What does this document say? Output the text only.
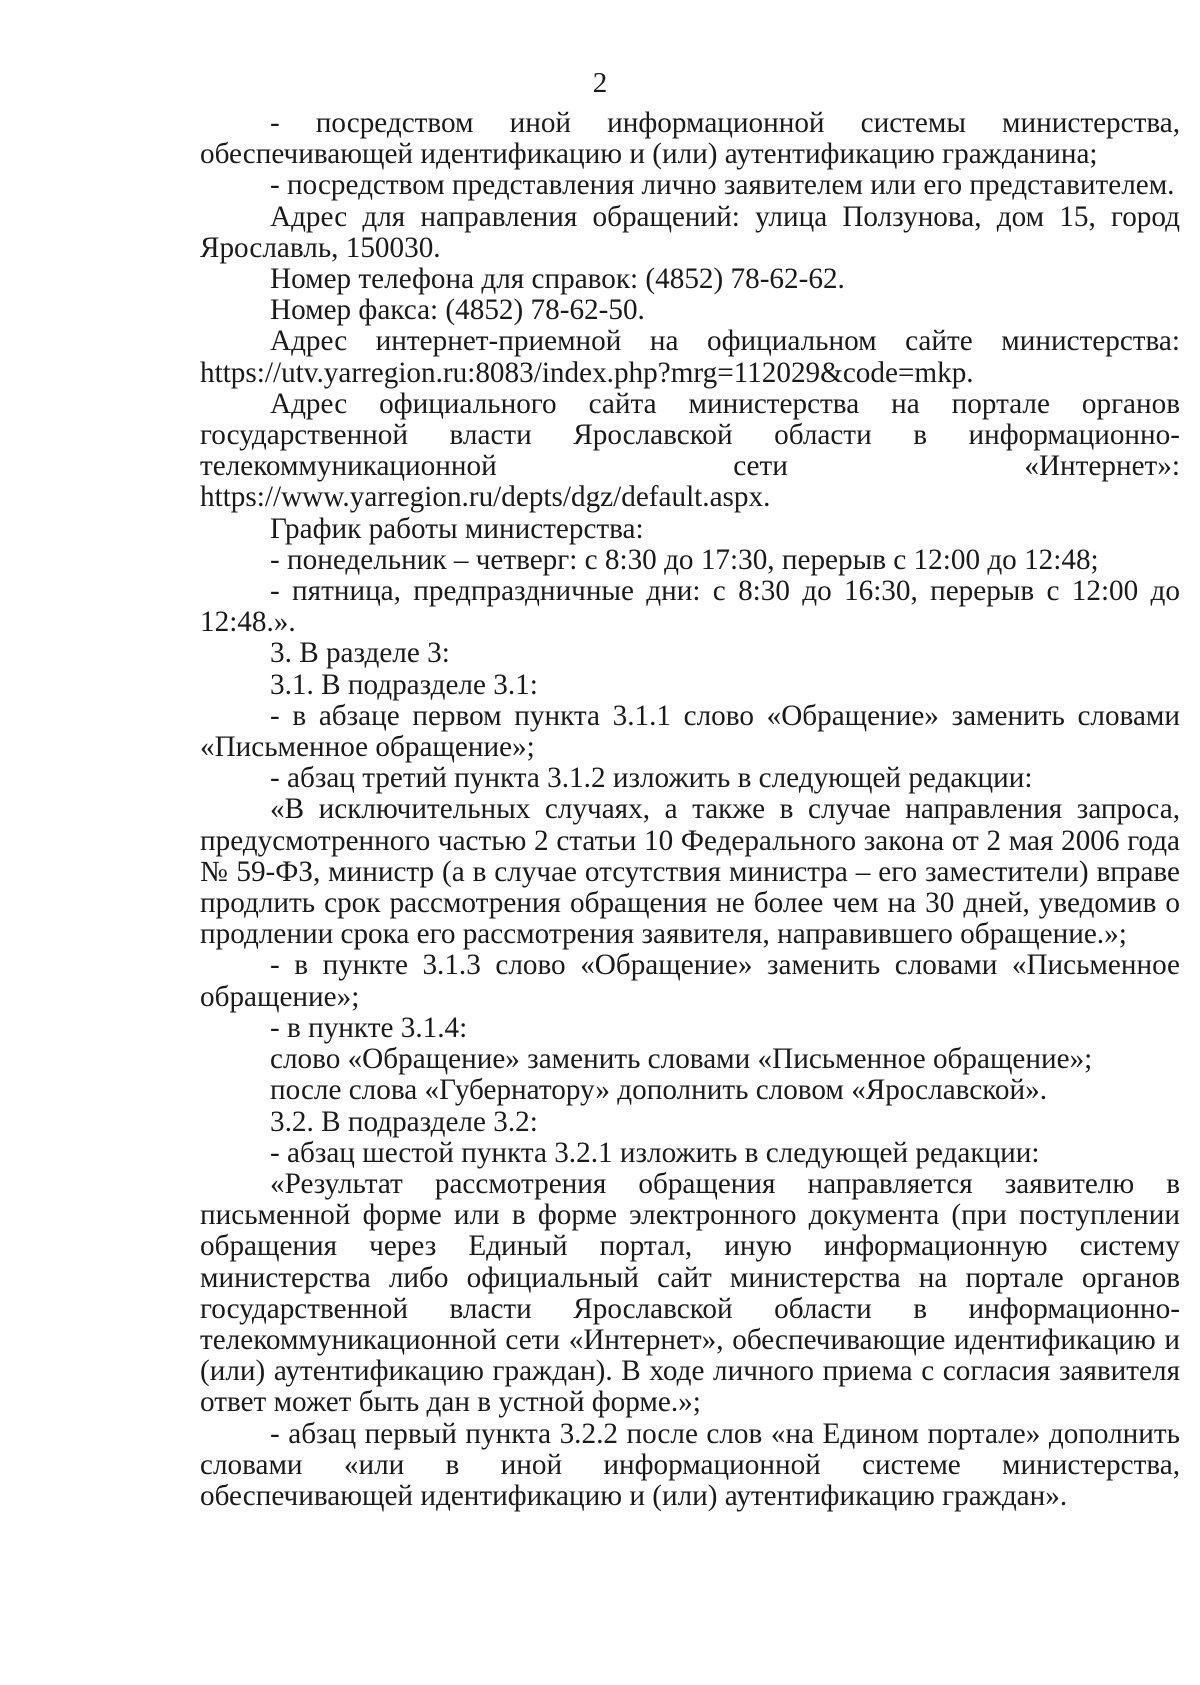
2

- посредством иной информационной системы министерства, обеспечивающей идентификацию и (или) аутентификацию гражданина;

- посредством представления лично заявителем или его представителем.

Адрес для направления обращений: улица Ползунова, дом 15, город Ярославль, 150030.

Номер телефона для справок: (4852) 78-62-62.

Номер факса: (4852) 78-62-50.

Адрес интернет-приемной на официальном сайте министерства: https://utv.yarregion.ru:8083/index.php?mrg=112029&code=mkp.

Адрес официального сайта министерства на портале органов государственной власти Ярославской области в информационно-телекоммуникационной сети «Интернет»: https://www.yarregion.ru/depts/dgz/default.aspx.

График работы министерства:

- понедельник – четверг: с 8:30 до 17:30, перерыв с 12:00 до 12:48;

- пятница, предпраздничные дни: с 8:30 до 16:30, перерыв с 12:00 до 12:48.».

3. В разделе 3:

3.1. В подразделе 3.1:

- в абзаце первом пункта 3.1.1 слово «Обращение» заменить словами «Письменное обращение»;

- абзац третий пункта 3.1.2 изложить в следующей редакции:

«В исключительных случаях, а также в случае направления запроса, предусмотренного частью 2 статьи 10 Федерального закона от 2 мая 2006 года № 59-ФЗ, министр (а в случае отсутствия министра – его заместители) вправе продлить срок рассмотрения обращения не более чем на 30 дней, уведомив о продлении срока его рассмотрения заявителя, направившего обращение.»;

- в пункте 3.1.3 слово «Обращение» заменить словами «Письменное обращение»;

- в пункте 3.1.4:

слово «Обращение» заменить словами «Письменное обращение»;

после слова «Губернатору» дополнить словом «Ярославской».

3.2. В подразделе 3.2:

- абзац шестой пункта 3.2.1 изложить в следующей редакции:

«Результат рассмотрения обращения направляется заявителю в письменной форме или в форме электронного документа (при поступлении обращения через Единый портал, иную информационную систему министерства либо официальный сайт министерства на портале органов государственной власти Ярославской области в информационно-телекоммуникационной сети «Интернет», обеспечивающие идентификацию и (или) аутентификацию граждан). В ходе личного приема с согласия заявителя ответ может быть дан в устной форме.»;

- абзац первый пункта 3.2.2 после слов «на Едином портале» дополнить словами «или в иной информационной системе министерства, обеспечивающей идентификацию и (или) аутентификацию граждан».
